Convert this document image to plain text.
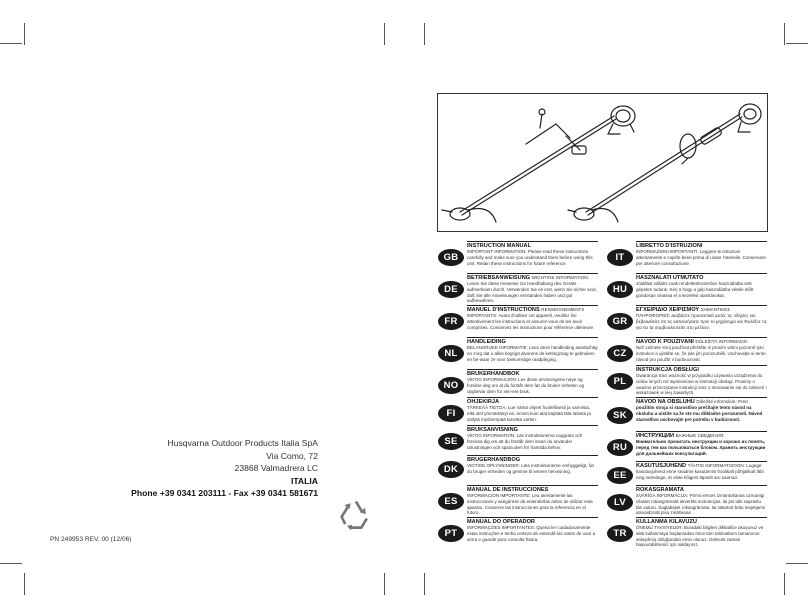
Husqvarna Outdoor Products Italia SpA
Via Como, 72
23868 Valmadrera LC
ITALIA
Phone +39 0341 203111 - Fax +39 0341 581671
PN 249953 REV. 00 (12/06)
GB
INSTRUCTION MANUAL
IMPORTANT INFORMATION: Please read these instructions carefully and make sure you understand them before using this unit. Retain these instructions for future reference.
DE
BETRIEBSANWEISUNG WICHTIGE INFORMATION:
Lesen Sie diese Hinweise zur Handhabung des Geräts aufmerksam durch. Verwenden Sie es erst, wenn Sie sicher sind, daß Sie alle Anweisungen verstanden haben und gut aufbewahren.
FR
MANUEL D'INSTRUCTIONS RENSEIGNEMENTS
IMPORTANTS: Avant d'utiliser cet appareil, veuillez lire attentivement les instructions et assurez-vous de les avoir comprises. Conservez les instructions pour référence ultérieure.
NL
HANDLEIDING
BELANGRIJKE INFORMATIE: Lees deze handleiding aandachtig en zorg dat u alles begrijpt alvorens de kettingzaag te gebruiken en be-waar ze voor toekomstige raadpleging.
NO
BRUKERHÅNDBOK
VIKTIG INFORMASJON: Les disse anvisningene nøye og forsikre deg om at du forstår dem før du bruker enheten og oppbevar dem for sen-ere bruk.
FI
OHJEKIRJA
TÄRKEÄÄ TIETOA: Lue nämä ohjeet huolellisesti ja varmista, että olet ymmärtänyt ne, ennen kuin alat käyttää tätä laitetta ja säilytä myöhempää tarvetta varten.
SE
BRUKSANVISNING
VIKTIG INFORMATION: Läs instruktionerna noggrant och förvissa dig om att du förstår dem innan du använder utrustningen och spara dem för framtida behov.
DK
BRUGERHÅNDBOG
VIGTIGE OPLYSNINGER: Læs instruktionerne omhyggeligt, før du bruger enheden og gemme til senere henvisning.
ES
MANUAL DE INSTRUCCIONES
INFORMACION IMPORTANTE: Lea atentamente las instrucciones y asegúrese de entenderlas antes de utilizar esta aparato. Conserve las instrucciones para la referencia en el futuro.
PT
MANUAL DO OPERADOR
INFORMAÇÕES IMPORTANTES: Queira ler cuidadosamente estas instruções e tenha certeza de entendê-las antes de usar a serra e guarde para consulta futura.
IT
LIBRETTO D'ISTRUZIONI
INFORMAZIONI IMPORTANTI: Leggere le istruzioni attentamente e capirle bene prima di usare l'utensile. Conservare per ulteriore consultazione.
HU
HASZNÁLATI UTMUTATÓ
Jótállást vállalni csak rendeltetésszerűen használatba vett gépekre tudunk. Kérj ü hogy a gép használatba vétele előtt gondosan olvassa el a kezelési utasításokat.
GR
ΕΓΧΕΙΡΙΔΙΟ ΧΕΙΡΙΣΜΟΥ ΣΗΜΑΝΤΙΚΕΣ
ΠΛΗΡΟΦΟΡΙΕΣ: Διαβάστε προσεκτικά αυτές τις οδηγίες και βεβαιωθείτε ότι τις κατανοήσατε πριν το μηχάνημα και Φυλάξτε τις για να τα συμβουλευτείτε στο μέλλον.
CZ
NÁVOD K POUŽÍVÁNÍ DŮLEŽITÁ INFORMACE!
Než začnete stroj používat přečtěte si prosím velmi pozorně tyto instrukce a ujistěte se, že jste jim porozuměli. Uschovejte si tento návod pro použití v budoucnosti.
PL
INSTRUKCJA OBSŁUGI
Gwarancja trací ważność w przypadku używania urządzenia do celów innych niż wymienione w instrukcji obsługi. Prosimy o uważne przeczytanie instrukcji oraz o stosowanie się do zaleceń i wskazówek w niej zawartych.
SK
NÁVOD NA OBSLUHU Dôležité informácie: Pred
použitím stroja si starostlivo prečítajte tento návod na obsluhu a uistite sa že ste mu dôkladne porozumeli. Návod starostlivo uschovajte pre potrebu v budúcnosti.
RU
ИНСТРУКЦИИ ВАЖНЫЕ СВЕДЕНИЯ:
Внимательно прочитать инструкции и хорошо их понять, перед тем как пользоваться блоком. Хранить инструкции для дальнейших консультаций.
EE
KASUTUSJUHEND TÄHTIS INFORMATSIOON: Lugege
kasutusjuhend enne seadme kasutamist hoolikalt põhjalikult läbi ning veenduge, et olete kõigest täpselt aru saanud.
LV
ROKASGRĀMATA
SVARĪGA INFORMĀCIJA: Pirms ierīces izmantošanas uzmanīgi izlasiet rokasgrāmatā ietvertās instrukcijas, lai jūs labi saprastu tās saturu. Saglabājiet rokasgrāmatu, lai nākotnē būtu iespējams atsvaidzināt jūsu zināšanas.
TR
KULLANMA KILAVUZU
ÖNEMLİ TAVSİYELER: Buradaki bilgileri dikkatlice okuyunuz ve aleti kullanmaya başlamadan önce tüm talimatların tamamının anlaşılmış olduğundan emin olunuz. Gelecek zaman başvurabilmeniz için saklayınız.
